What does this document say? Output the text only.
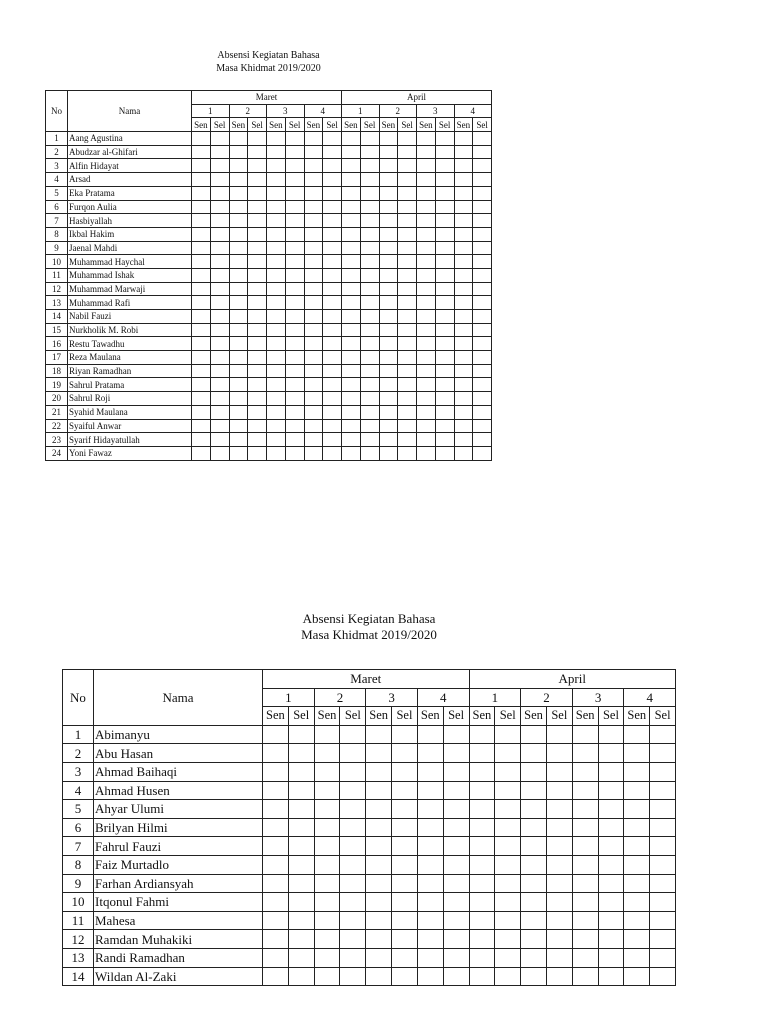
Absensi Kegiatan Bahasa
Masa Khidmat 2019/2020
No	Nama	Maret								April							
		1		2		3		4		1		2		3		4	
		Sen	Sel	Sen	Sel	Sen	Sel	Sen	Sel	Sen	Sel	Sen	Sel	Sen	Sel	Sen	Sel
1	Aang Agustina																
2	Abudzar al-Ghifari																
3	Alfin Hidayat																
4	Arsad																
5	Eka Pratama																
6	Furqon Aulia																
7	Hasbiyallah																
8	Ikbal Hakim																
9	Jaenal Mahdi																
10	Muhammad Haychal																
11	Muhammad Ishak																
12	Muhammad Marwaji																
13	Muhammad Rafi																
14	Nabil Fauzi																
15	Nurkholik M. Robi																
16	Restu Tawadhu																
17	Reza Maulana																
18	Riyan Ramadhan																
19	Sahrul Pratama																
20	Sahrul Roji																
21	Syahid Maulana																
22	Syaiful Anwar																
23	Syarif Hidayatullah																
24	Yoni Fawaz																
Absensi Kegiatan Bahasa
Masa Khidmat 2019/2020
No	Nama	Maret								April							
		1		2		3		4		1		2		3		4	
		Sen	Sel	Sen	Sel	Sen	Sel	Sen	Sel	Sen	Sel	Sen	Sel	Sen	Sel	Sen	Sel
1	Abimanyu																
2	Abu Hasan																
3	Ahmad Baihaqi																
4	Ahmad Husen																
5	Ahyar Ulumi																
6	Brilyan Hilmi																
7	Fahrul Fauzi																
8	Faiz Murtadlo																
9	Farhan Ardiansyah																
10	Itqonul Fahmi																
11	Mahesa																
12	Ramdan Muhakiki																
13	Randi Ramadhan																
14	Wildan Al-Zaki																
